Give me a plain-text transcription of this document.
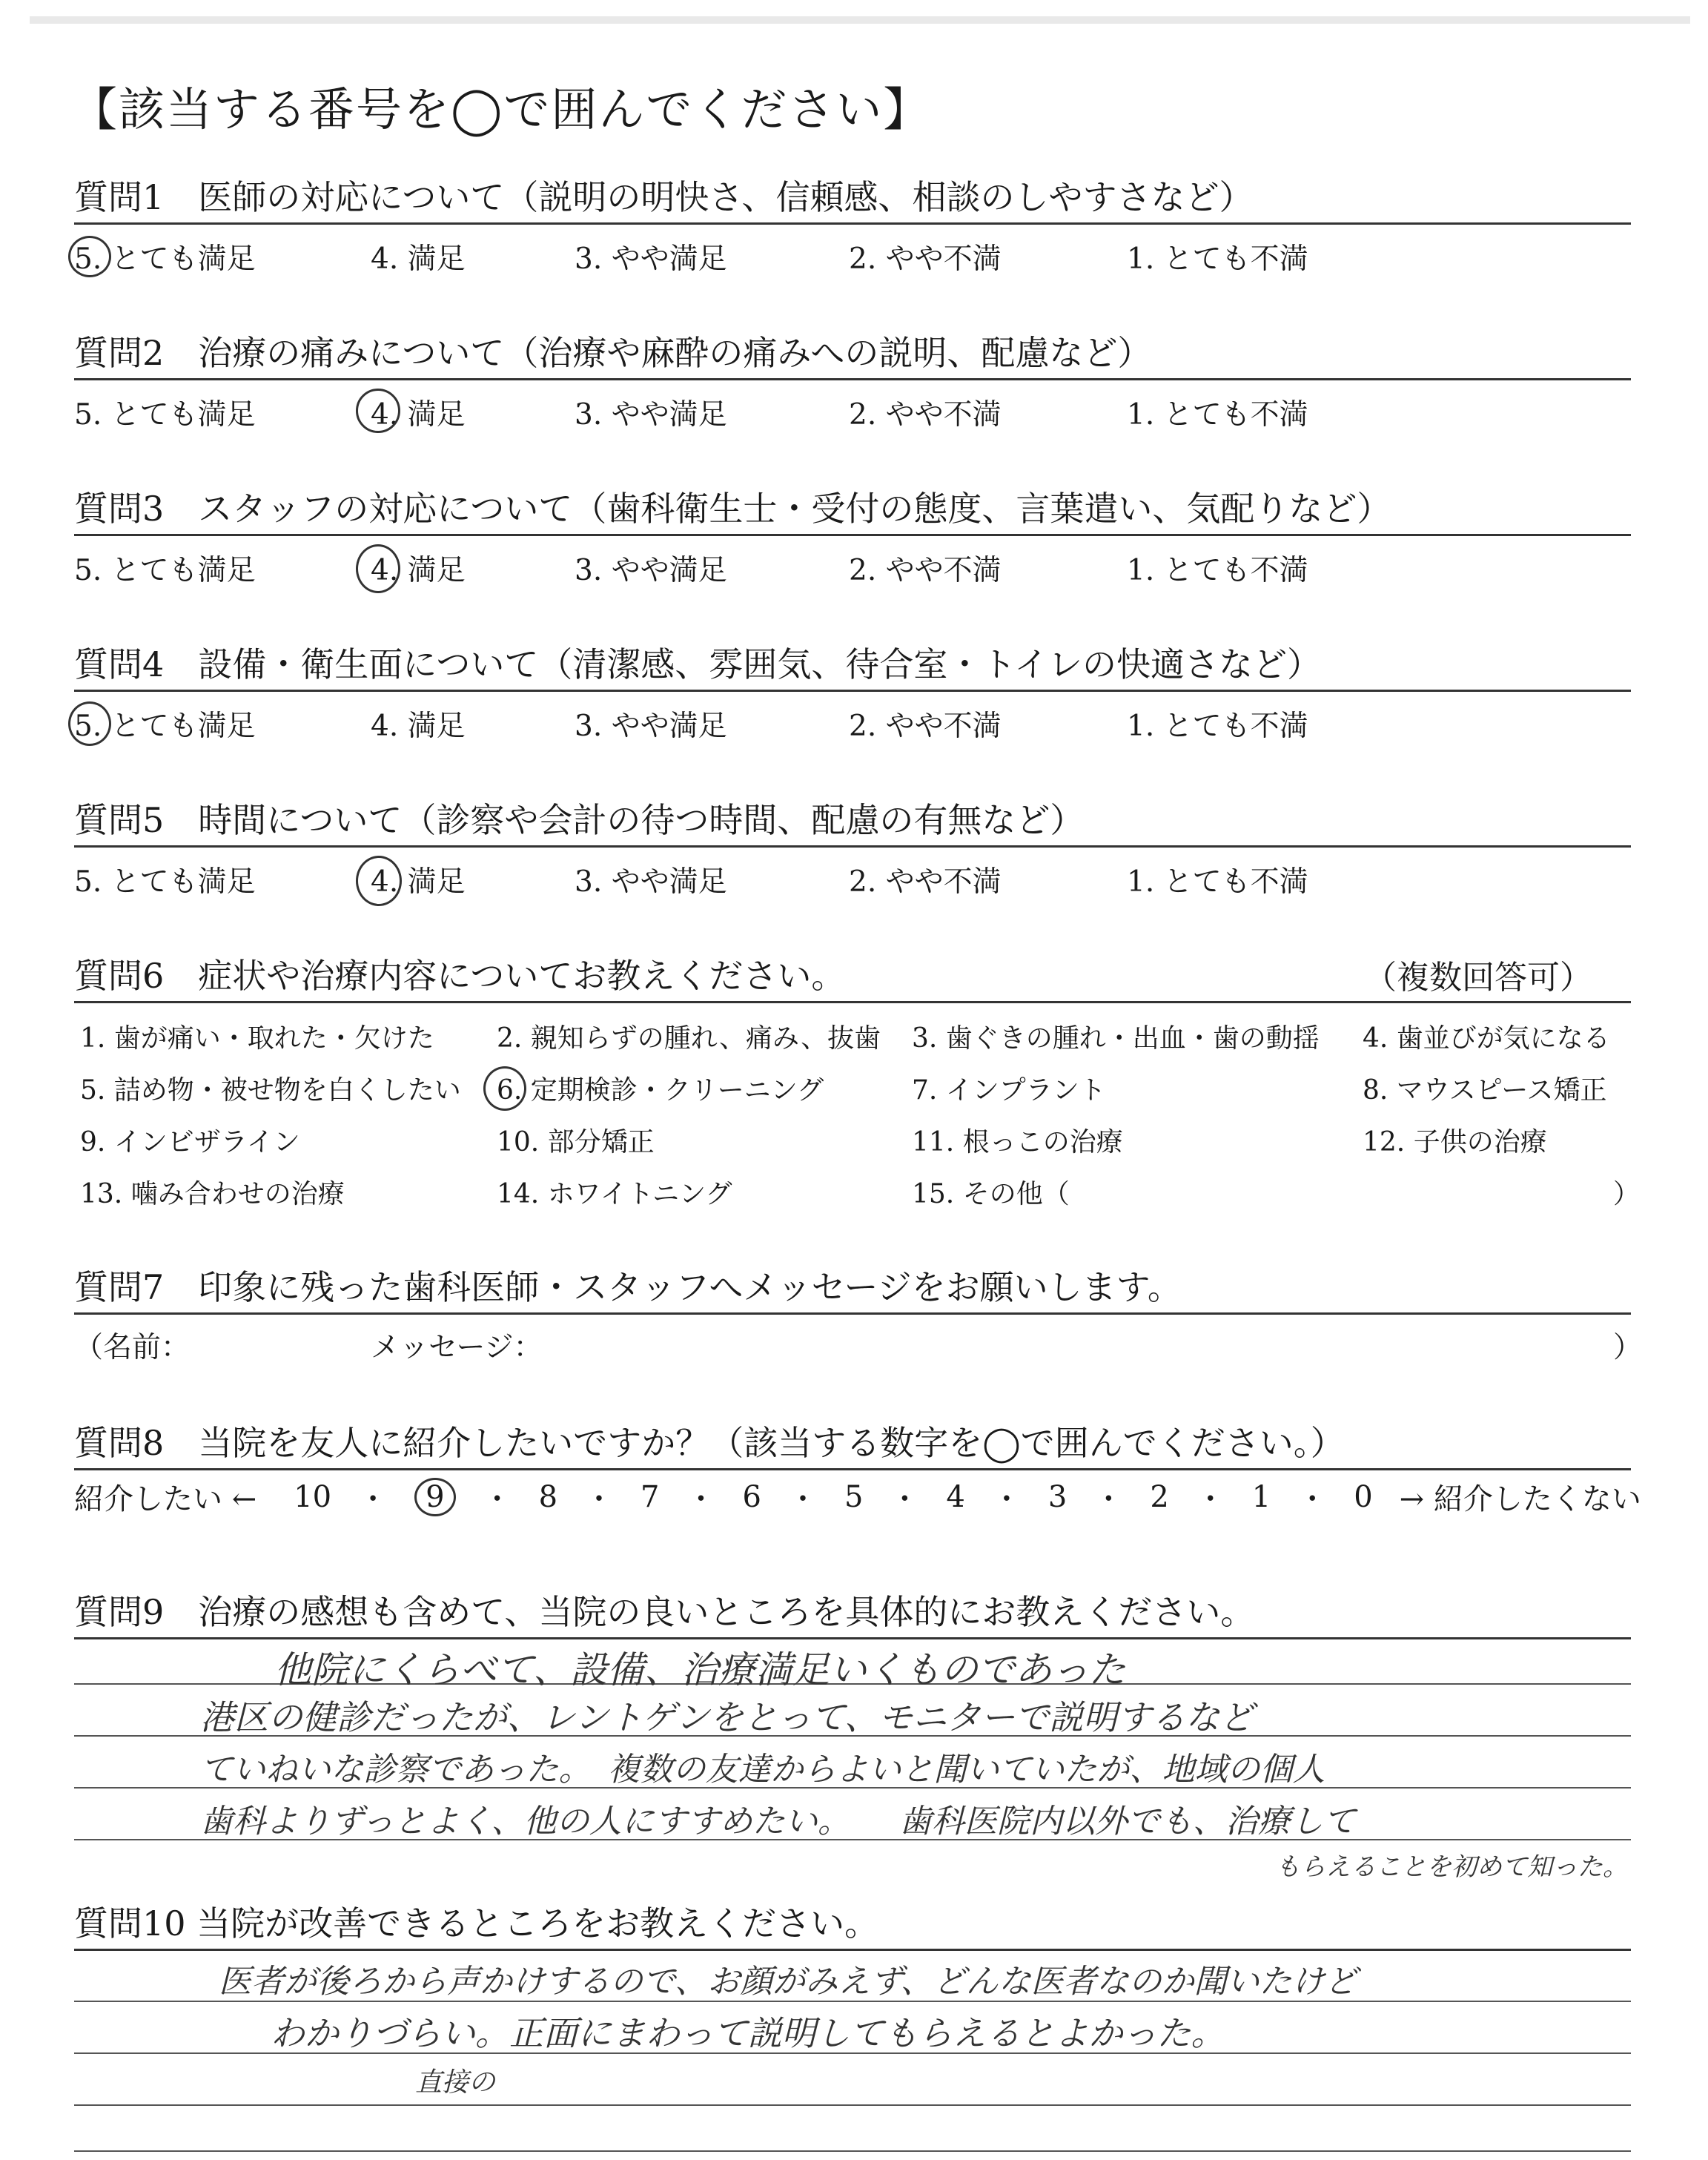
【該当する番号を◯で囲んでください】
質問1　医師の対応について（説明の明快さ、信頼感、相談のしやすさなど）
5. とても満足	4. 満足	3. やや満足	2. やや不満	1. とても不満
質問2　治療の痛みについて（治療や麻酔の痛みへの説明、配慮など）
5. とても満足	4. 満足	3. やや満足	2. やや不満	1. とても不満
質問3　スタッフの対応について（歯科衛生士・受付の態度、言葉遣い、気配りなど）
5. とても満足	4. 満足	3. やや満足	2. やや不満	1. とても不満
質問4　設備・衛生面について（清潔感、雰囲気、待合室・トイレの快適さなど）
5. とても満足	4. 満足	3. やや満足	2. やや不満	1. とても不満
質問5　時間について（診察や会計の待つ時間、配慮の有無など）
5. とても満足	4. 満足	3. やや満足	2. やや不満	1. とても不満
質問6　症状や治療内容についてお教えください。	（複数回答可）
1. 歯が痛い・取れた・欠けた 2. 親知らずの腫れ、痛み、抜歯 3. 歯ぐきの腫れ・出血・歯の動揺 4. 歯並びが気になる
5. 詰め物・被せ物を白くしたい 6. 定期検診・クリーニング	7. インプラント	8. マウスピース矯正
9. インビザライン	10. 部分矯正	11. 根っこの治療	12. 子供の治療
13. 噛み合わせの治療	14. ホワイトニング	15. その他（	）
質問7　印象に残った歯科医師・スタッフへメッセージをお願いします。
（名前：	メッセージ：	）
質問8　当院を友人に紹介したいですか？（該当する数字を◯で囲んでください。）
紹介したい ← 10 ・	9	・ 8 ・ 7 ・ 6 ・ 5 ・ 4 ・ 3 ・ 2 ・ 1 ・ 0 → 紹介したくない
質問9　治療の感想も含めて、当院の良いところを具体的にお教えください。
他院にくらべて、設備、治療満足いくものであった
港区の健診だったが、レントゲンをとって、モニターで説明するなど
ていねいな診察であった。　複数の友達からよいと聞いていたが、地域の個人
歯科よりずっとよく、他の人にすすめたい。　　歯科医院内以外でも、治療して
もらえることを初めて知った。
質問10 当院が改善できるところをお教えください。
医者が後ろから声かけするので、お顔がみえず、どんな医者なのか聞いたけど
わかりづらい。正面にまわって説明してもらえるとよかった。
直接の
